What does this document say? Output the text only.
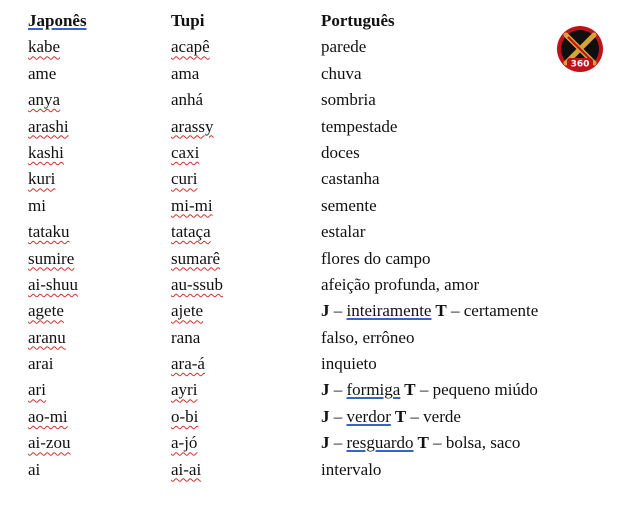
Japonês	Tupi	Português
kabe	acapê	parede
ame	ama	chuva
anya	anhá	sombria
arashi	arassy	tempestade
kashi	caxi	doces
kuri	curi	castanha
mi	mi-mi	semente
tataku	tataça	estalar
sumire	sumarê	flores do campo
ai-shuu	au-ssub	afeição profunda, amor
agete	ajete	J – inteiramente T – certamente
aranu	rana	falso, errôneo
arai	ara-á	inquieto
ari	ayri	J – formiga T – pequeno miúdo
ao-mi	o-bi	J – verdor T – verde
ai-zou	a-jó	J – resguardo T – bolsa, saco
ai	ai-ai	intervalo
360
